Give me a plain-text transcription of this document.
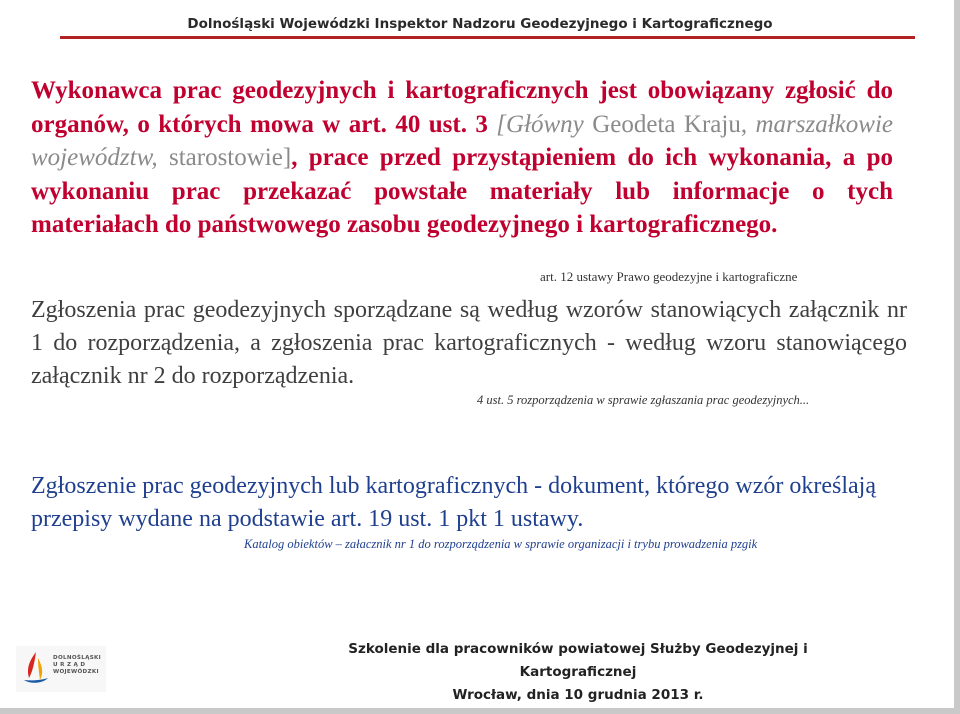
Dolnośląski Wojewódzki Inspektor Nadzoru Geodezyjnego i Kartograficznego
Wykonawca prac geodezyjnych i kartograficznych jest obowiązany zgłosić do organów, o których mowa w art. 40 ust. 3 [Główny Geodeta Kraju, marszałkowie województw, starostowie], prace przed przystąpieniem do ich wykonania, a po wykonaniu prac przekazać powstałe materiały lub informacje o tych materiałach do państwowego zasobu geodezyjnego i kartograficznego.
art. 12 ustawy Prawo geodezyjne i kartograficzne
Zgłoszenia prac geodezyjnych sporządzane są według wzorów stanowiących załącznik nr 1 do rozporządzenia, a zgłoszenia prac kartograficznych - według wzoru stanowiącego załącznik nr 2 do rozporządzenia.
4 ust. 5 rozporządzenia w sprawie zgłaszania prac geodezyjnych...
Zgłoszenie prac geodezyjnych lub kartograficznych - dokument, którego wzór określają przepisy wydane na podstawie art. 19 ust. 1 pkt 1 ustawy.
Katalog obiektów – załacznik nr 1 do rozporządzenia w sprawie organizacji i trybu prowadzenia pzgik
Szkolenie dla pracowników powiatowej Służby Geodezyjnej i Kartograficznej
Wrocław, dnia 10 grudnia 2013 r.
DOLNOŚLĄSKI
U R Z Ą D
WOJEWÓDZKI
